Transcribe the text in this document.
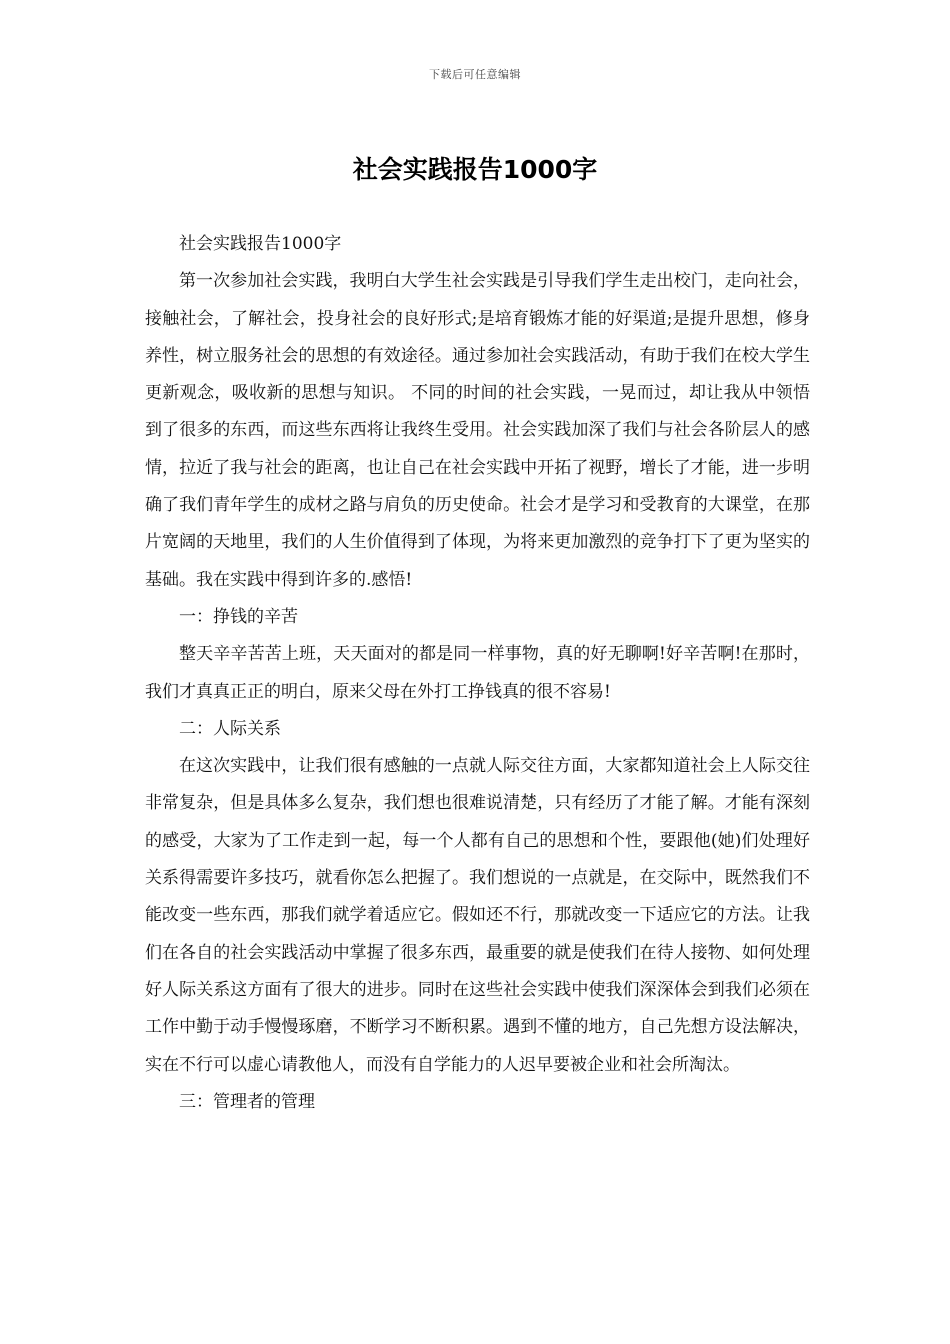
下载后可任意编辑
社会实践报告1000字

社会实践报告1000字

第一次参加社会实践，我明白大学生社会实践是引导我们学生走出校门，走向社会，接触社会，了解社会，投身社会的良好形式;是培育锻炼才能的好渠道;是提升思想，修身养性，树立服务社会的思想的有效途径。通过参加社会实践活动，有助于我们在校大学生更新观念，吸收新的思想与知识。 不同的时间的社会实践，一晃而过，却让我从中领悟到了很多的东西，而这些东西将让我终生受用。社会实践加深了我们与社会各阶层人的感情，拉近了我与社会的距离，也让自己在社会实践中开拓了视野，增长了才能，进一步明确了我们青年学生的成材之路与肩负的历史使命。社会才是学习和受教育的大课堂，在那片宽阔的天地里，我们的人生价值得到了体现，为将来更加激烈的竞争打下了更为坚实的基础。我在实践中得到许多的.感悟!

一：挣钱的辛苦

整天辛辛苦苦上班，天天面对的都是同一样事物，真的好无聊啊!好辛苦啊!在那时，我们才真真正正的明白，原来父母在外打工挣钱真的很不容易!

二：人际关系

在这次实践中，让我们很有感触的一点就人际交往方面，大家都知道社会上人际交往非常复杂，但是具体多么复杂，我们想也很难说清楚，只有经历了才能了解。才能有深刻的感受，大家为了工作走到一起，每一个人都有自己的思想和个性，要跟他(她)们处理好关系得需要许多技巧，就看你怎么把握了。我们想说的一点就是，在交际中，既然我们不能改变一些东西，那我们就学着适应它。假如还不行，那就改变一下适应它的方法。让我们在各自的社会实践活动中掌握了很多东西，最重要的就是使我们在待人接物、如何处理好人际关系这方面有了很大的进步。同时在这些社会实践中使我们深深体会到我们必须在工作中勤于动手慢慢琢磨，不断学习不断积累。遇到不懂的地方，自己先想方设法解决，实在不行可以虚心请教他人，而没有自学能力的人迟早要被企业和社会所淘汰。

三：管理者的管理
